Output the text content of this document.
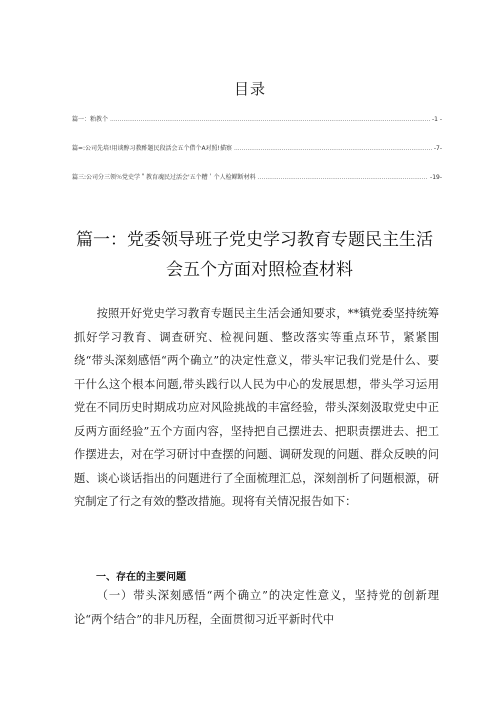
目录
篇一：粕教个 .....	-1 -
篇=:公司先培!用谈醇习教酢题民段活会五个借个A对照!描察 .....	-7-
篇三:公司分三领％党史学＂教育魂民过活会'五个糟＇个人检鳏断材料 .....	-19-
篇一：党委领导班子党史学习教育专题民主生活
会五个方面对照检查材料

按照开好党史学习教育专题民主生活会通知要求，**镇党委坚持统筹抓好学习教育、调查研究、检视问题、整改落实等重点环节，紧紧围绕“带头深刻感悟“两个确立”的决定性意义，带头牢记我们党是什么、要干什么这个根本问题,带头践行以人民为中心的发展思想，带头学习运用党在不同历史时期成功应对风险挑战的丰富经验，带头深刻汲取党史中正反两方面经验”五个方面内容，坚持把自己摆进去、把职责摆进去、把工作摆进去，对在学习研讨中查摆的问题、调研发现的问题、群众反映的问题、谈心谈话指出的问题进行了全面梳理汇总，深刻剖析了问题根源，研究制定了行之有效的整改措施。现将有关情况报告如下：

一、存在的主要问题

（一）带头深刻感悟“两个确立”的决定性意义，坚持党的创新理论“两个结合”的非凡历程，全面贯彻习近平新时代中
